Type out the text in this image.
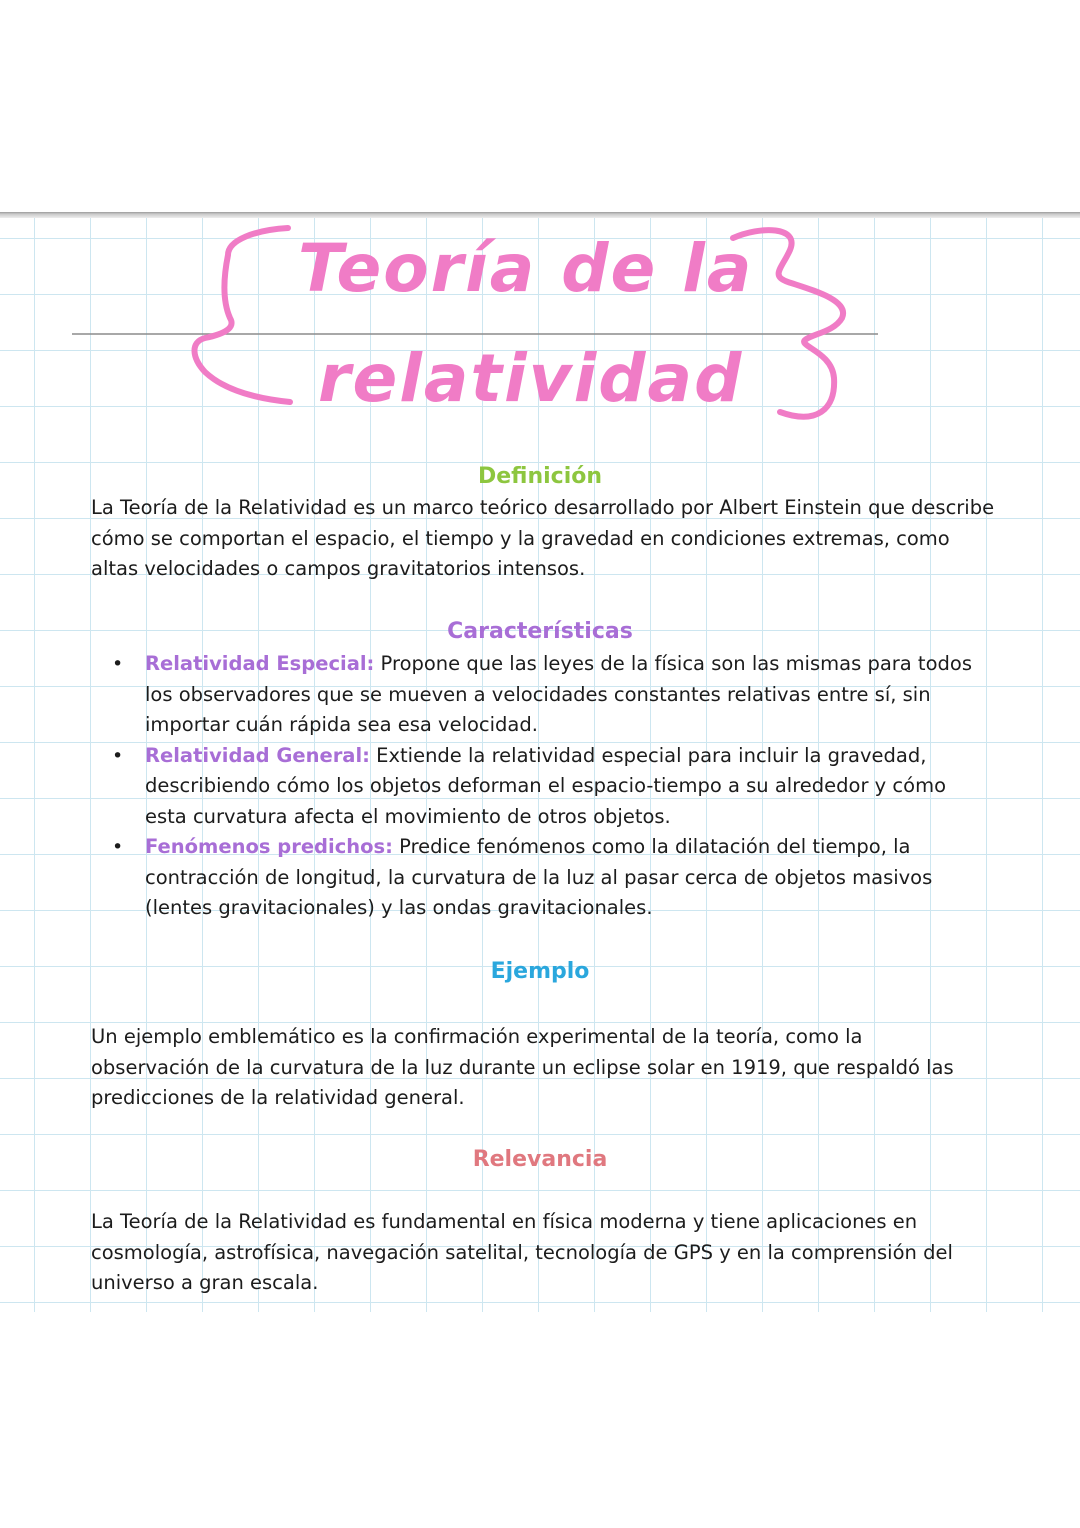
Teoría de la
relatividad
Definición

La Teoría de la Relatividad es un marco teórico desarrollado por Albert Einstein que describe cómo se comportan el espacio, el tiempo y la gravedad en condiciones extremas, como altas velocidades o campos gravitatorios intensos.

Características
• Relatividad Especial: Propone que las leyes de la física son las mismas para todos los observadores que se mueven a velocidades constantes relativas entre sí, sin importar cuán rápida sea esa velocidad.
• Relatividad General: Extiende la relatividad especial para incluir la gravedad, describiendo cómo los objetos deforman el espacio-tiempo a su alrededor y cómo esta curvatura afecta el movimiento de otros objetos.
• Fenómenos predichos: Predice fenómenos como la dilatación del tiempo, la contracción de longitud, la curvatura de la luz al pasar cerca de objetos masivos (lentes gravitacionales) y las ondas gravitacionales.
Ejemplo

Un ejemplo emblemático es la confirmación experimental de la teoría, como la observación de la curvatura de la luz durante un eclipse solar en 1919, que respaldó las predicciones de la relatividad general.

Relevancia

La Teoría de la Relatividad es fundamental en física moderna y tiene aplicaciones en cosmología, astrofísica, navegación satelital, tecnología de GPS y en la comprensión del universo a gran escala.
